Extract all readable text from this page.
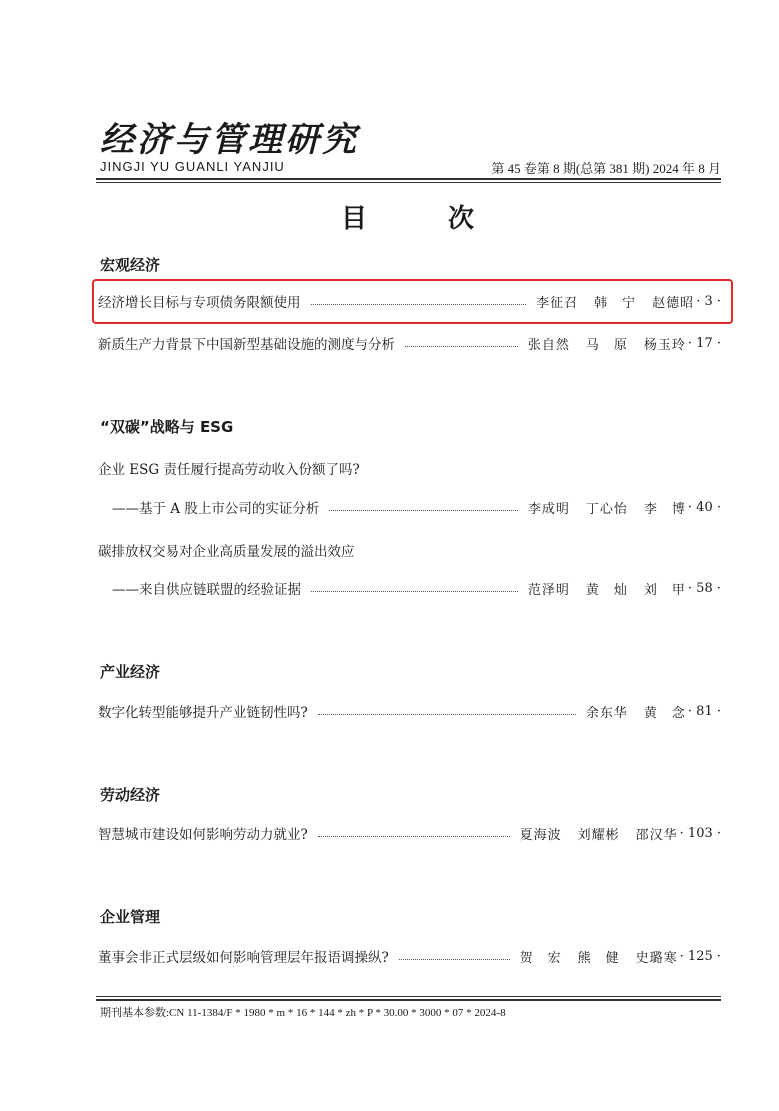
经济与管理研究
JINGJI YU GUANLI YANJIU	第 45 卷第 8 期(总第 381 期) 2024 年 8 月
目 次
宏观经济
经济增长目标与专项债务限额使用	李征召 韩　宁 赵德昭 · 3 ·
新质生产力背景下中国新型基础设施的测度与分析	张自然 马　原 杨玉玲 · 17 ·
“双碳”战略与 ESG
企业 ESG 责任履行提高劳动收入份额了吗?
——基于 A 股上市公司的实证分析	李成明 丁心怡 李　博 · 40 ·
碳排放权交易对企业高质量发展的溢出效应
——来自供应链联盟的经验证据	范泽明 黄　灿 刘　甲 · 58 ·
产业经济
数字化转型能够提升产业链韧性吗?	余东华 黄　念 · 81 ·
劳动经济
智慧城市建设如何影响劳动力就业?	夏海波 刘耀彬 邵汉华 · 103 ·
企业管理
董事会非正式层级如何影响管理层年报语调操纵?	贺　宏 熊　健 史璐寒 · 125 ·
期刊基本参数:CN 11-1384/F * 1980 * m * 16 * 144 * zh * P * 30.00 * 3000 * 07 * 2024-8
